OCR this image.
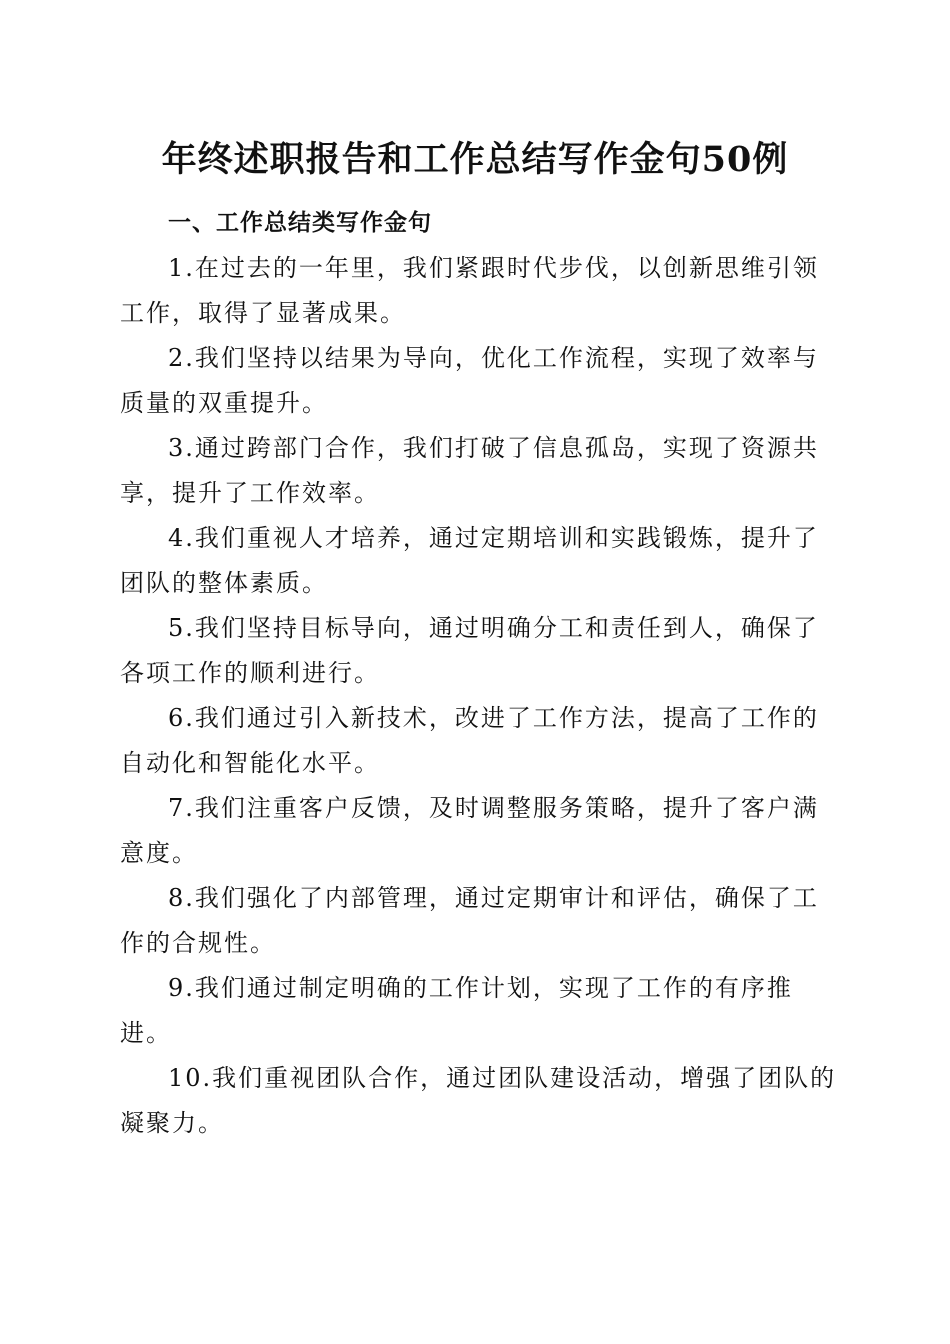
年终述职报告和工作总结写作金句50例
一、工作总结类写作金句
1.在过去的一年里，我们紧跟时代步伐，以创新思维引领
工作，取得了显著成果。
2.我们坚持以结果为导向，优化工作流程，实现了效率与
质量的双重提升。
3.通过跨部门合作，我们打破了信息孤岛，实现了资源共
享，提升了工作效率。
4.我们重视人才培养，通过定期培训和实践锻炼，提升了
团队的整体素质。
5.我们坚持目标导向，通过明确分工和责任到人，确保了
各项工作的顺利进行。
6.我们通过引入新技术，改进了工作方法，提高了工作的
自动化和智能化水平。
7.我们注重客户反馈，及时调整服务策略，提升了客户满
意度。
8.我们强化了内部管理，通过定期审计和评估，确保了工
作的合规性。
9.我们通过制定明确的工作计划，实现了工作的有序推
进。
10.我们重视团队合作，通过团队建设活动，增强了团队的
凝聚力。
